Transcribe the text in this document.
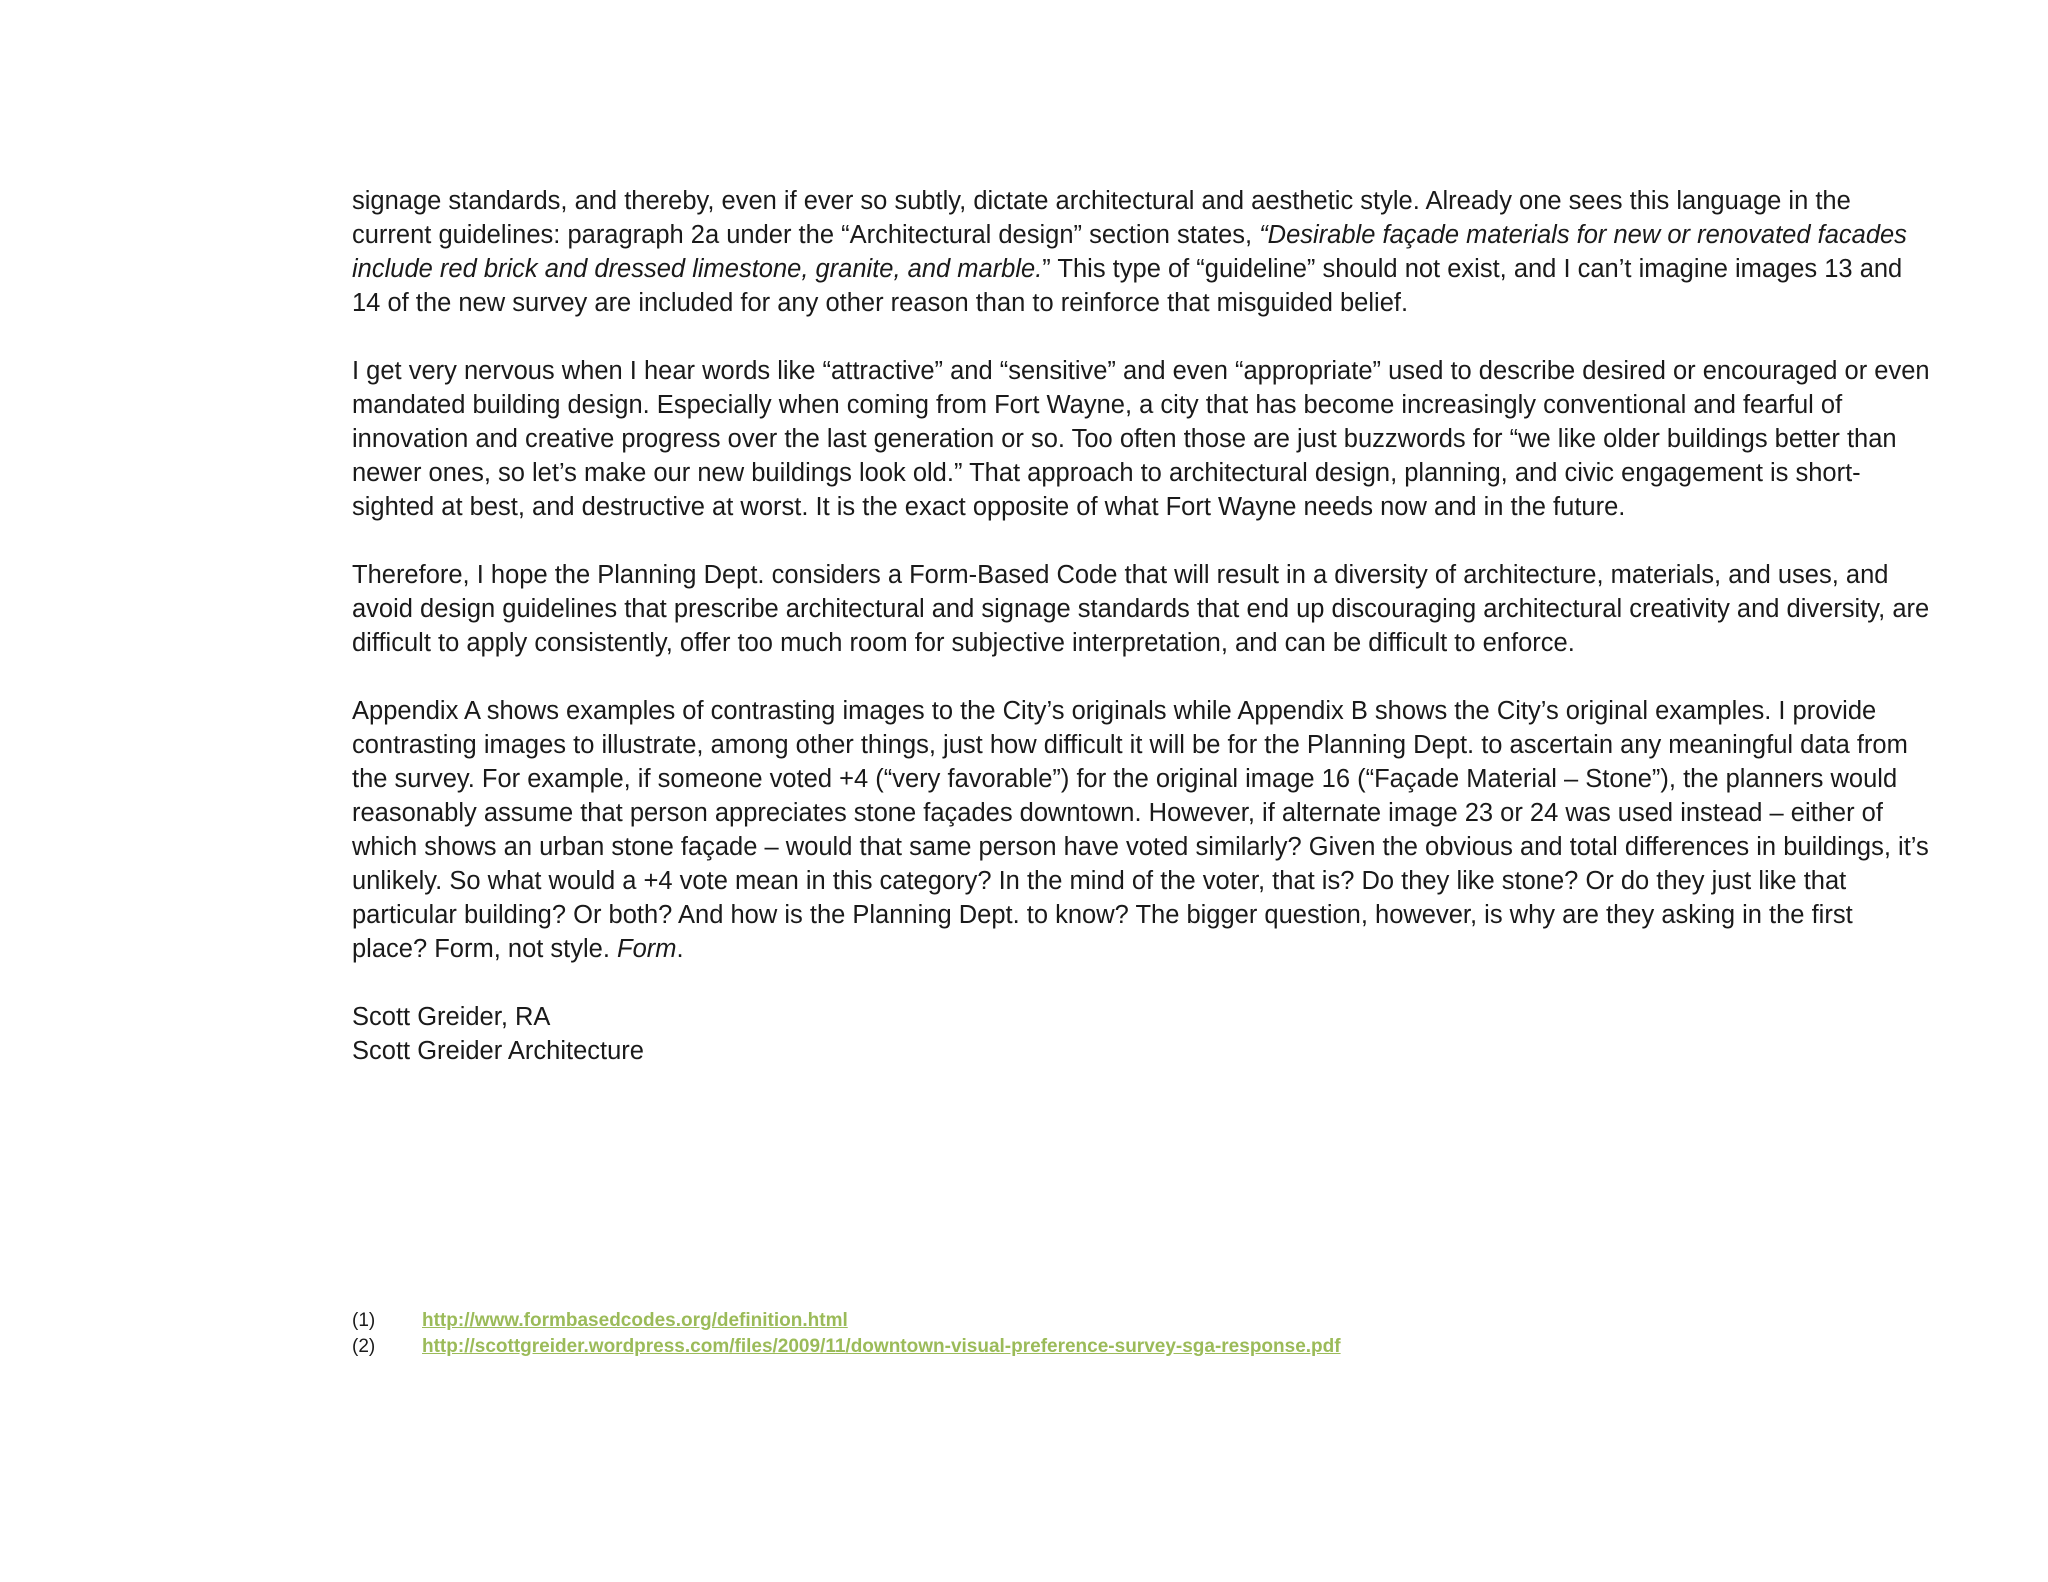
signage standards, and thereby, even if ever so subtly, dictate architectural and aesthetic style. Already one sees this language in the current guidelines: paragraph 2a under the “Architectural design” section states, “Desirable façade materials for new or renovated facades include red brick and dressed limestone, granite, and marble.” This type of “guideline” should not exist, and I can’t imagine images 13 and 14 of the new survey are included for any other reason than to reinforce that misguided belief.

I get very nervous when I hear words like “attractive” and “sensitive” and even “appropriate” used to describe desired or encouraged or even mandated building design. Especially when coming from Fort Wayne, a city that has become increasingly conventional and fearful of innovation and creative progress over the last generation or so. Too often those are just buzzwords for “we like older buildings better than newer ones, so let’s make our new buildings look old.” That approach to architectural design, planning, and civic engagement is short-sighted at best, and destructive at worst. It is the exact opposite of what Fort Wayne needs now and in the future.

Therefore, I hope the Planning Dept. considers a Form-Based Code that will result in a diversity of architecture, materials, and uses, and avoid design guidelines that prescribe architectural and signage standards that end up discouraging architectural creativity and diversity, are difficult to apply consistently, offer too much room for subjective interpretation, and can be difficult to enforce.

Appendix A shows examples of contrasting images to the City’s originals while Appendix B shows the City’s original examples. I provide contrasting images to illustrate, among other things, just how difficult it will be for the Planning Dept. to ascertain any meaningful data from the survey. For example, if someone voted +4 (“very favorable”) for the original image 16 (“Façade Material – Stone”), the planners would reasonably assume that person appreciates stone façades downtown. However, if alternate image 23 or 24 was used instead – either of which shows an urban stone façade – would that same person have voted similarly? Given the obvious and total differences in buildings, it’s unlikely. So what would a +4 vote mean in this category? In the mind of the voter, that is? Do they like stone? Or do they just like that particular building? Or both? And how is the Planning Dept. to know? The bigger question, however, is why are they asking in the first place? Form, not style. Form.

Scott Greider, RA
Scott Greider Architecture
(1)	http://www.formbasedcodes.org/definition.html
(2)	http://scottgreider.wordpress.com/files/2009/11/downtown-visual-preference-survey-sga-response.pdf
